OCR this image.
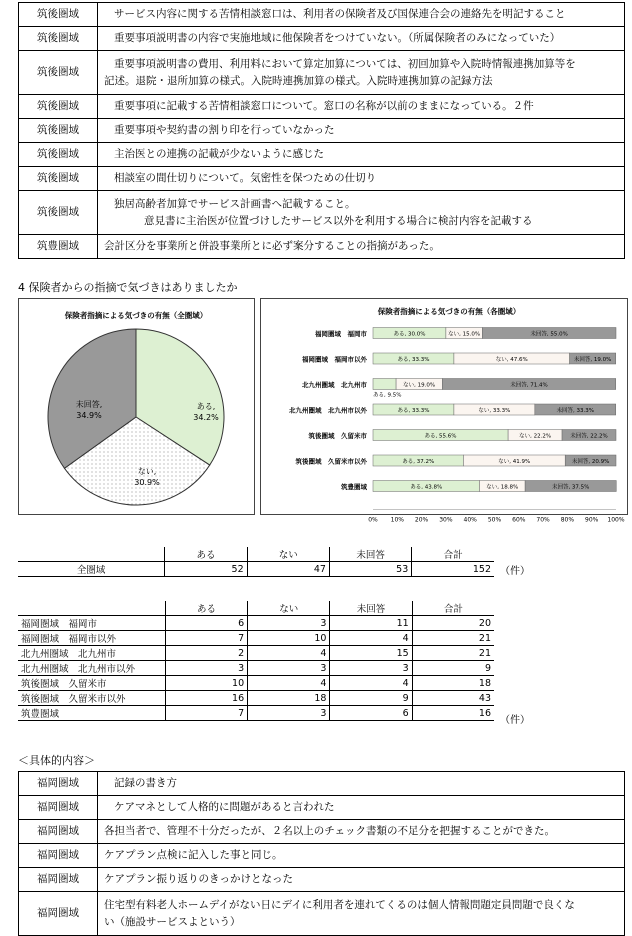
筑後圏域	サービス内容に関する苦情相談窓口は、利用者の保険者及び国保連合会の連絡先を明記すること

筑後圏域	重要事項説明書の内容で実施地域に他保険者をつけていない。（所属保険者のみになっていた）

筑後圏域	重要事項説明書の費用、利用料において算定加算については、初回加算や入院時情報連携加算等を
記述。退院・退所加算の様式。入院時連携加算の様式。入院時連携加算の記録方法

筑後圏域	重要事項に記載する苦情相談窓口について。窓口の名称が以前のままになっている。２件

筑後圏域	重要事項や契約書の割り印を行っていなかった

筑後圏域	主治医との連携の記載が少ないように感じた

筑後圏域	相談室の間仕切りについて。気密性を保つための仕切り

筑後圏域	独居高齢者加算でサービス計画書へ記載すること。
意見書に主治医が位置づけしたサービス以外を利用する場合に検討内容を記載する

筑豊圏域	会計区分を事業所と併設事業所とに必ず案分することの指摘があった。
4 保険者からの指摘で気づきはありましたか
保険者指摘による気づきの有無（全圏域）
ある,
34.2%
ない,
30.9%
未回答,
34.9%
保険者指摘による気づきの有無（各圏域）
福岡圏域　福岡市	ある, 30.0%	ない, 15.0%	未回答, 55.0%
福岡圏域　福岡市以外	ある, 33.3%	ない, 47.6%	未回答, 19.0%
北九州圏域　北九州市
ある, 9.5%
ない, 19.0%	未回答, 71.4%
北九州圏域　北九州市以外	ある, 33.3%	ない, 33.3%	未回答, 33.3%
筑後圏域　久留米市	ある, 55.6%	ない, 22.2%	未回答, 22.2%
筑後圏域　久留米市以外	ある, 37.2%	ない, 41.9%	未回答, 20.9%
筑豊圏域	ある, 43.8%	ない, 18.8%	未回答, 37.5%
0% 10% 20% 30% 40% 50% 60% 70% 80% 90% 100%
	ある	ない	未回答	合計
全圏域	52	47	53	152 （件）
	ある	ない	未回答	合計
福岡圏域　福岡市	6	3	11	20
福岡圏域　福岡市以外	7	10	4	21
北九州圏域　北九州市	2	4	15	21
北九州圏域　北九州市以外	3	3	3	9
筑後圏域　久留米市	10	4	4	18
筑後圏域　久留米市以外	16	18	9	43
筑豊圏域	7	3	6	16
（件）
＜具体的内容＞
福岡圏域	記録の書き方

福岡圏域	ケアマネとして人格的に問題があると言われた

福岡圏域	各担当者で、管理不十分だったが、２名以上のチェック書類の不足分を把握することができた。

福岡圏域	ケアプラン点検に記入した事と同じ。

福岡圏域	ケアプラン振り返りのきっかけとなった

福岡圏域	住宅型有料老人ホームデイがない日にデイに利用者を連れてくるのは個人情報問題定員問題で良くな
い（施設サービスよという）
